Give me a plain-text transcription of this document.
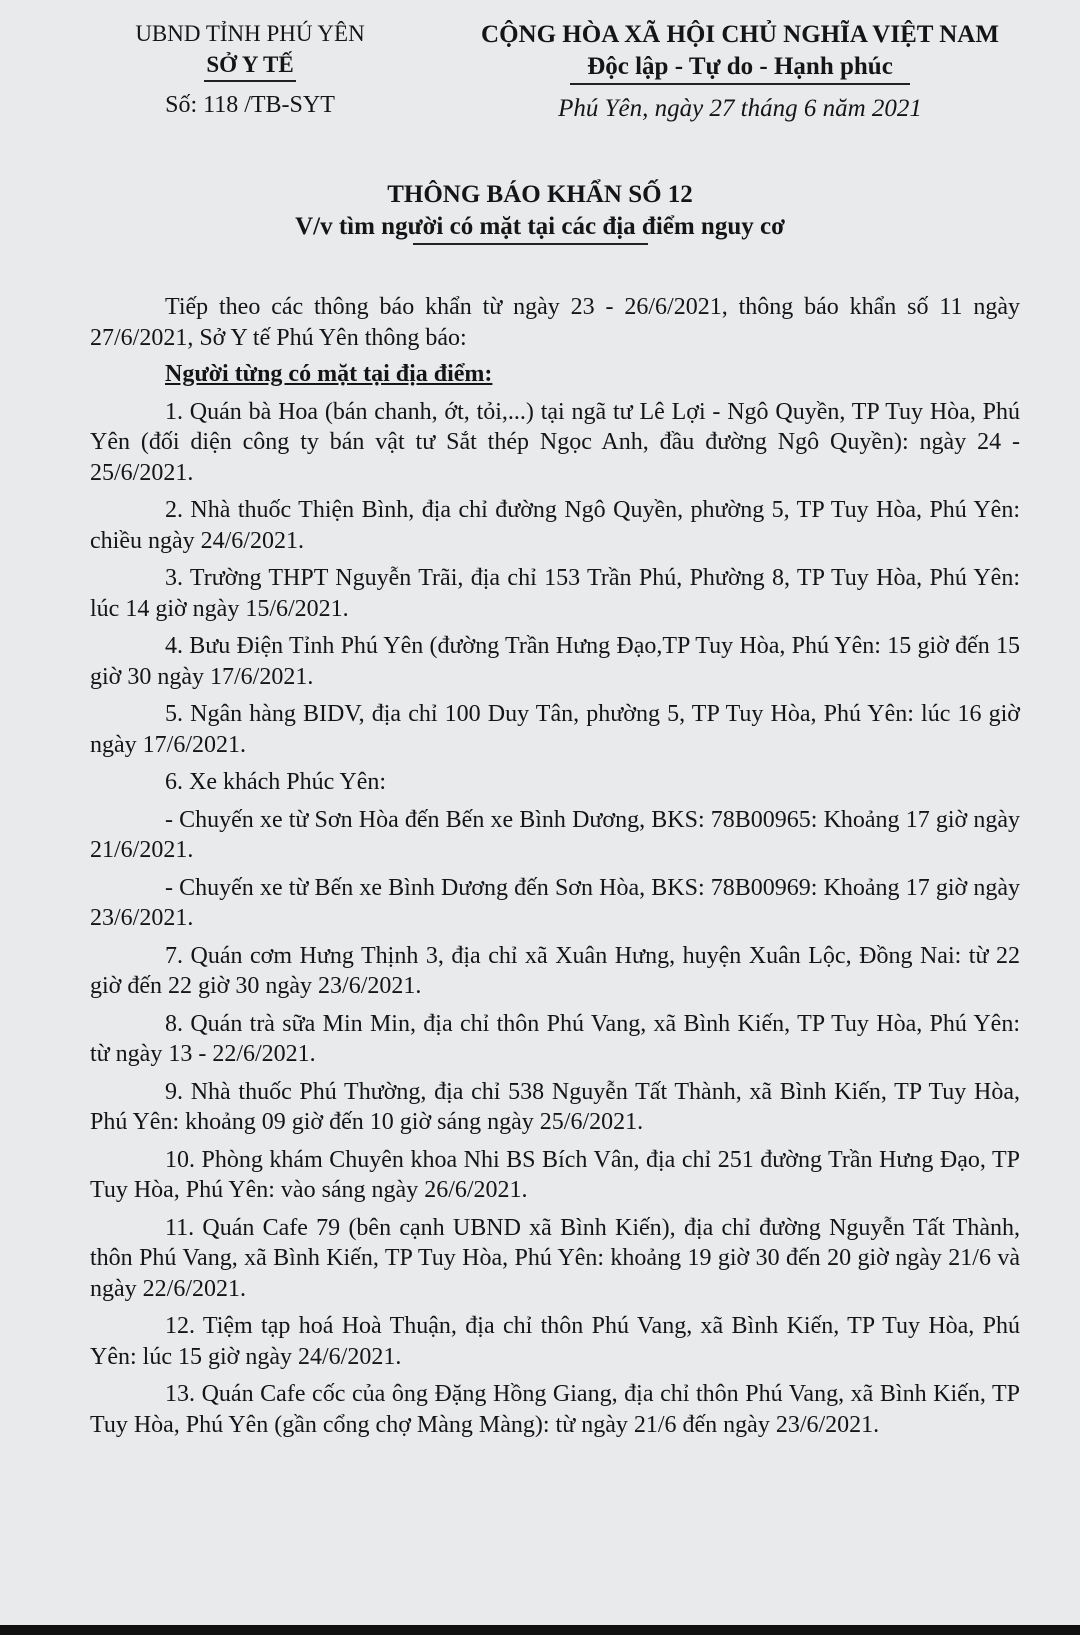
UBND TỈNH PHÚ YÊN
SỞ Y TẾ
Số: 118 /TB-SYT
CỘNG HÒA XÃ HỘI CHỦ NGHĨA VIỆT NAM
Độc lập - Tự do - Hạnh phúc
Phú Yên, ngày 27 tháng 6 năm 2021
THÔNG BÁO KHẨN SỐ 12
V/v tìm người có mặt tại các địa điểm nguy cơ

Tiếp theo các thông báo khẩn từ ngày 23 - 26/6/2021, thông báo khẩn số 11 ngày 27/6/2021, Sở Y tế Phú Yên thông báo:

Người từng có mặt tại địa điểm:

1. Quán bà Hoa (bán chanh, ớt, tỏi,...) tại ngã tư Lê Lợi - Ngô Quyền, TP Tuy Hòa, Phú Yên (đối diện công ty bán vật tư Sắt thép Ngọc Anh, đầu đường Ngô Quyền): ngày 24 - 25/6/2021.

2. Nhà thuốc Thiện Bình, địa chỉ đường Ngô Quyền, phường 5, TP Tuy Hòa, Phú Yên: chiều ngày 24/6/2021.

3. Trường THPT Nguyễn Trãi, địa chỉ 153 Trần Phú, Phường 8, TP Tuy Hòa, Phú Yên: lúc 14 giờ ngày 15/6/2021.

4. Bưu Điện Tỉnh Phú Yên (đường Trần Hưng Đạo,TP Tuy Hòa, Phú Yên: 15 giờ đến 15 giờ 30 ngày 17/6/2021.

5. Ngân hàng BIDV, địa chỉ 100 Duy Tân, phường 5, TP Tuy Hòa, Phú Yên: lúc 16 giờ ngày 17/6/2021.

6. Xe khách Phúc Yên:

- Chuyến xe từ Sơn Hòa đến Bến xe Bình Dương, BKS: 78B00965: Khoảng 17 giờ ngày 21/6/2021.

- Chuyến xe từ Bến xe Bình Dương đến Sơn Hòa, BKS: 78B00969: Khoảng 17 giờ ngày 23/6/2021.

7. Quán cơm Hưng Thịnh 3, địa chỉ xã Xuân Hưng, huyện Xuân Lộc, Đồng Nai: từ 22 giờ đến 22 giờ 30 ngày 23/6/2021.

8. Quán trà sữa Min Min, địa chỉ thôn Phú Vang, xã Bình Kiến, TP Tuy Hòa, Phú Yên: từ ngày 13 - 22/6/2021.

9. Nhà thuốc Phú Thường, địa chỉ 538 Nguyễn Tất Thành, xã Bình Kiến, TP Tuy Hòa, Phú Yên: khoảng 09 giờ đến 10 giờ sáng ngày 25/6/2021.

10. Phòng khám Chuyên khoa Nhi BS Bích Vân, địa chỉ 251 đường Trần Hưng Đạo, TP Tuy Hòa, Phú Yên: vào sáng ngày 26/6/2021.

11. Quán Cafe 79 (bên cạnh UBND xã Bình Kiến), địa chỉ đường Nguyễn Tất Thành, thôn Phú Vang, xã Bình Kiến, TP Tuy Hòa, Phú Yên: khoảng 19 giờ 30 đến 20 giờ ngày 21/6 và ngày 22/6/2021.

12. Tiệm tạp hoá Hoà Thuận, địa chỉ thôn Phú Vang, xã Bình Kiến, TP Tuy Hòa, Phú Yên: lúc 15 giờ ngày 24/6/2021.

13. Quán Cafe cốc của ông Đặng Hồng Giang, địa chỉ thôn Phú Vang, xã Bình Kiến, TP Tuy Hòa, Phú Yên (gần cổng chợ Màng Màng): từ ngày 21/6 đến ngày 23/6/2021.
